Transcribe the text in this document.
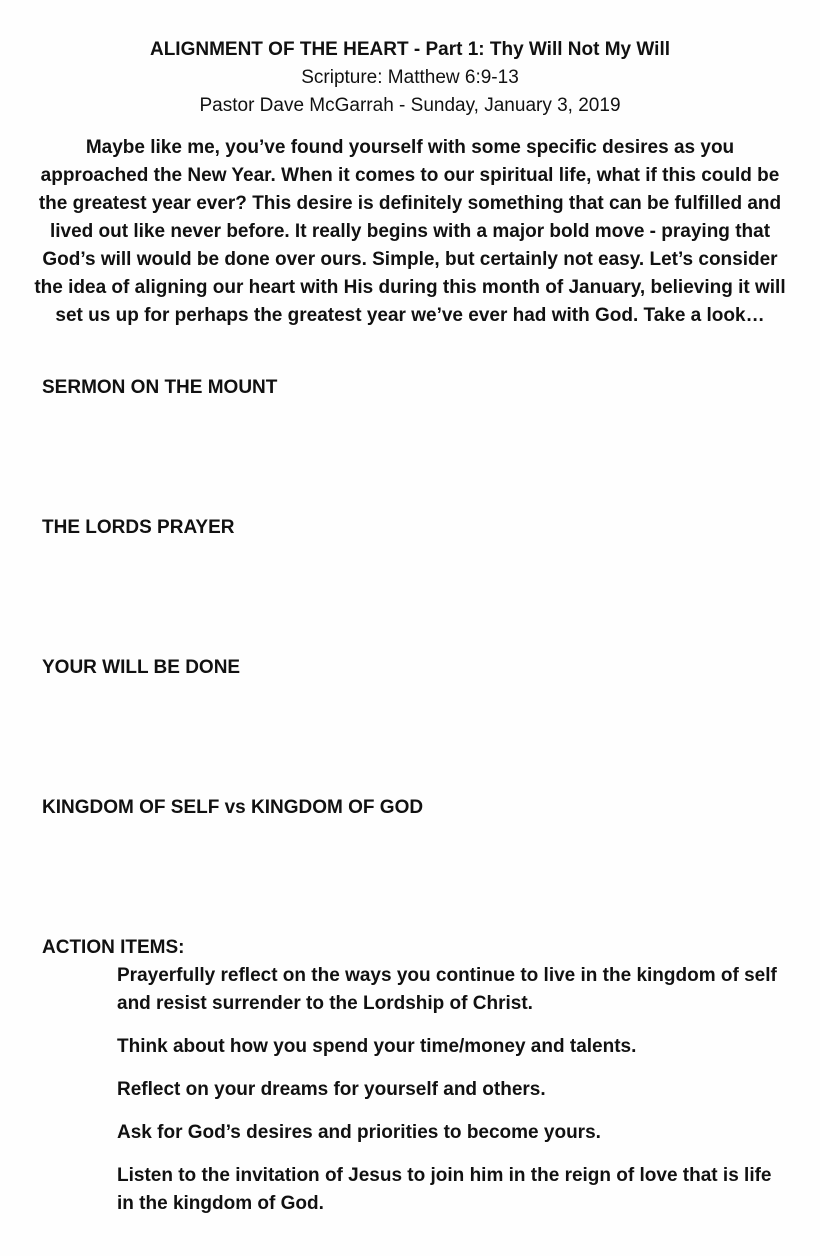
ALIGNMENT OF THE HEART - Part 1: Thy Will Not My Will
Scripture: Matthew 6:9-13
Pastor Dave McGarrah - Sunday, January 3, 2019
Maybe like me, you’ve found yourself with some specific desires as you approached the New Year. When it comes to our spiritual life, what if this could be the greatest year ever? This desire is definitely something that can be fulfilled and lived out like never before. It really begins with a major bold move - praying that God’s will would be done over ours. Simple, but certainly not easy. Let’s consider the idea of aligning our heart with His during this month of January, believing it will set us up for perhaps the greatest year we’ve ever had with God. Take a look…
SERMON ON THE MOUNT
THE LORDS PRAYER
YOUR WILL BE DONE
KINGDOM OF SELF vs KINGDOM OF GOD
ACTION ITEMS:
Prayerfully reflect on the ways you continue to live in the kingdom of self and resist surrender to the Lordship of Christ.
Think about how you spend your time/money and talents.
Reflect on your dreams for yourself and others.
Ask for God’s desires and priorities to become yours.
Listen to the invitation of Jesus to join him in the reign of love that is life in the kingdom of God.
